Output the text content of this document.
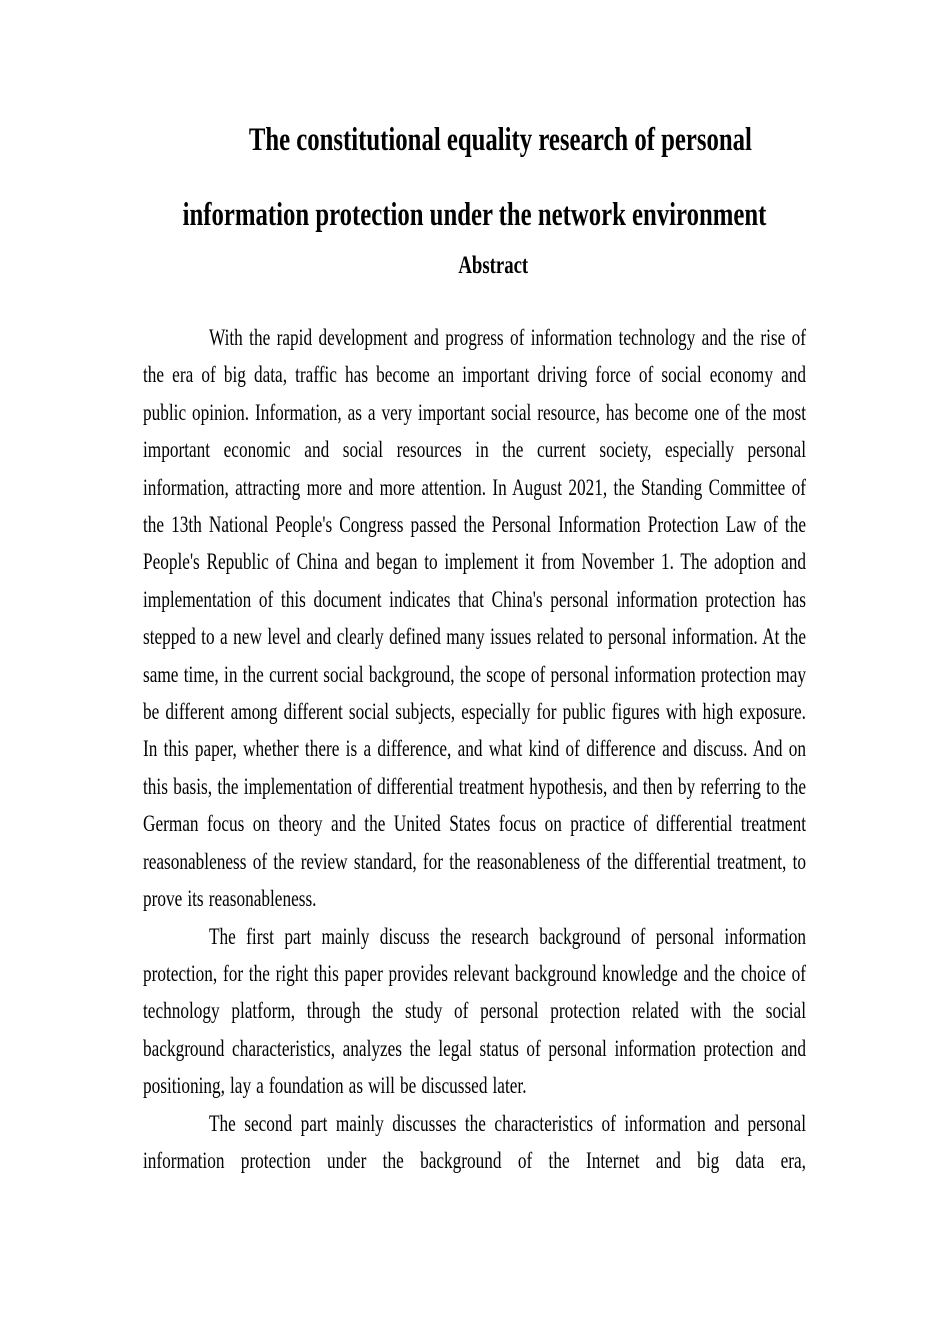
The constitutional equality research of personal
information protection under the network environment
Abstract

With the rapid development and progress of information technology and the rise of the era of big data, traffic has become an important driving force of social economy and public opinion. Information, as a very important social resource, has become one of the most important economic and social resources in the current society, especially personal information, attracting more and more attention. In August 2021, the Standing Committee of the 13th National People's Congress passed the Personal Information Protection Law of the People's Republic of China and began to implement it from November 1. The adoption and implementation of this document indicates that China's personal information protection has stepped to a new level and clearly defined many issues related to personal information. At the same time, in the current social background, the scope of personal information protection may be different among different social subjects, especially for public figures with high exposure. In this paper, whether there is a difference, and what kind of difference and discuss. And on this basis, the implementation of differential treatment hypothesis, and then by referring to the German focus on theory and the United States focus on practice of differential treatment reasonableness of the review standard, for the reasonableness of the differential treatment, to prove its reasonableness.

The first part mainly discuss the research background of personal information protection, for the right this paper provides relevant background knowledge and the choice of technology platform, through the study of personal protection related with the social background characteristics, analyzes the legal status of personal information protection and positioning, lay a foundation as will be discussed later.

The second part mainly discusses the characteristics of information and personal information protection under the background of the Internet and big data era,
